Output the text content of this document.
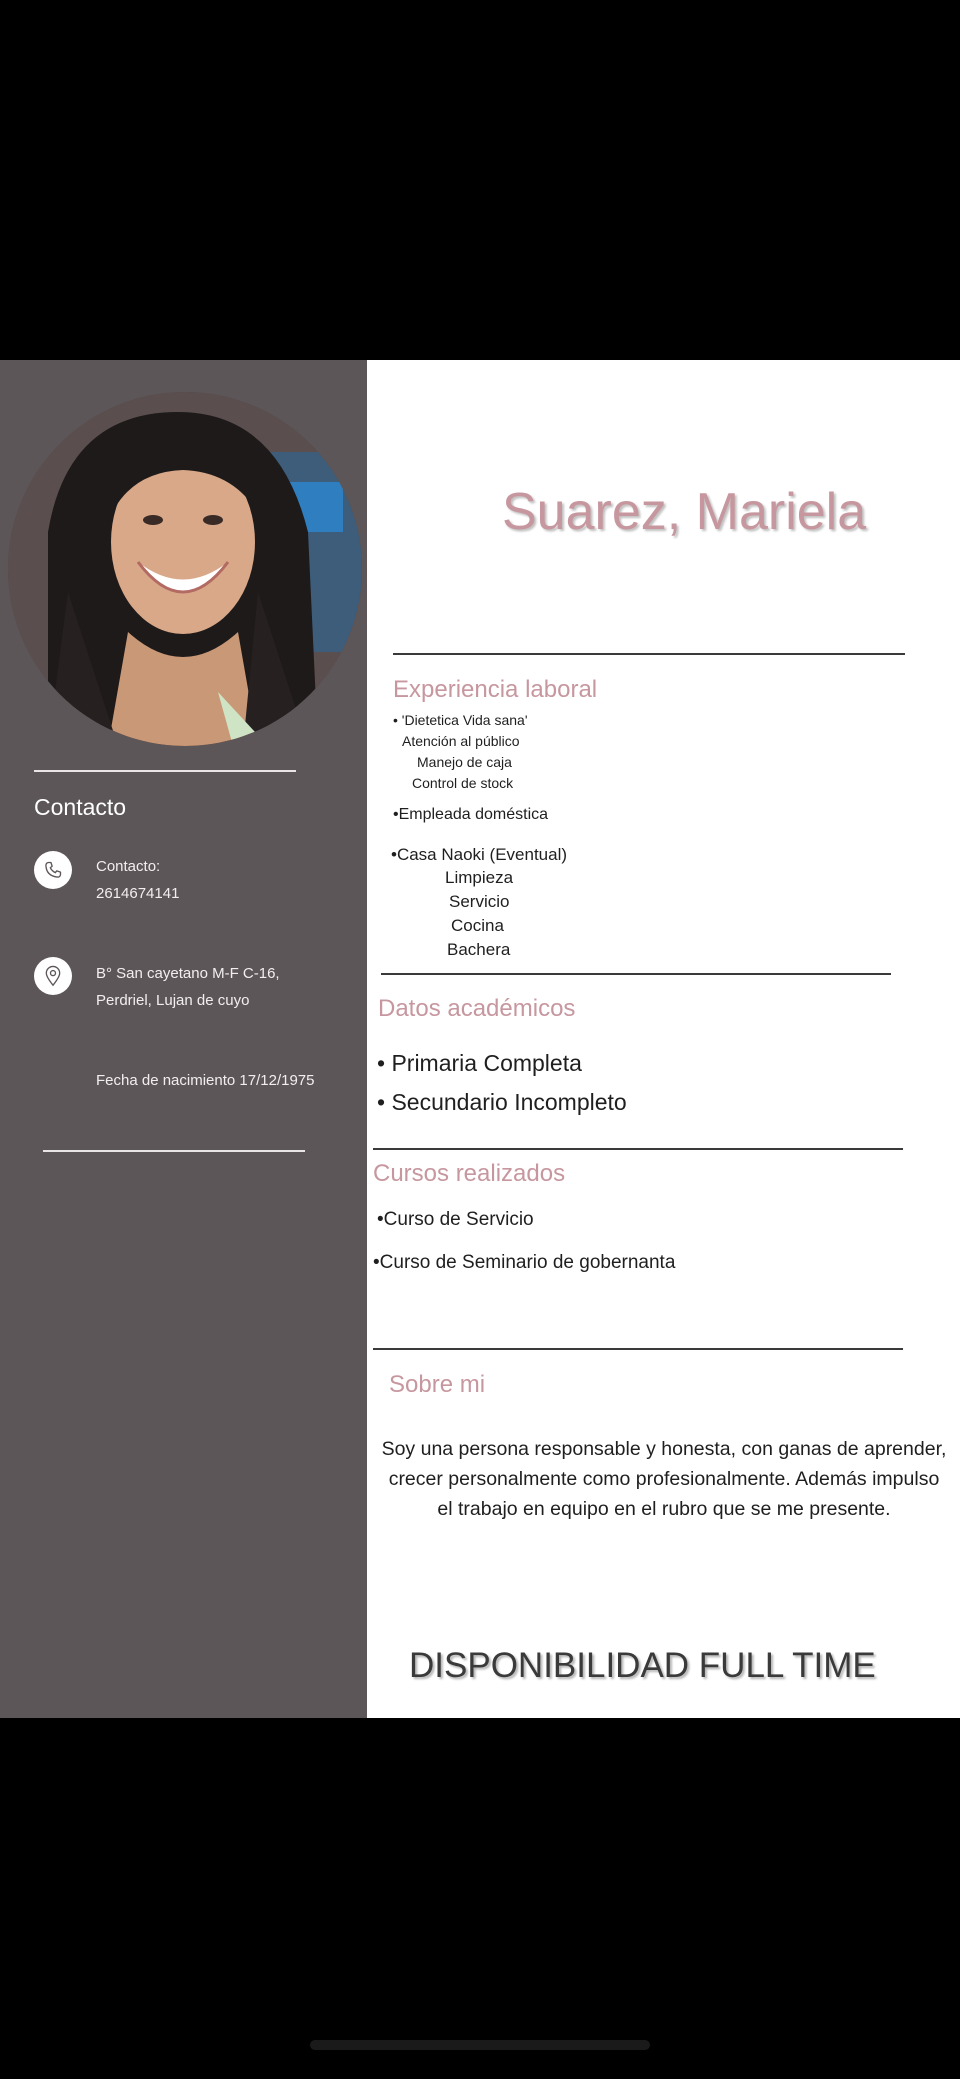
Contacto
Contacto:
2614674141
B° San cayetano M-F C-16,
Perdriel, Lujan de cuyo
Fecha de nacimiento 17/12/1975
Suarez, Mariela
Experiencia laboral
• 'Dietetica Vida sana'
Atención al público
Manejo de caja
Control de stock
•Empleada doméstica
•Casa Naoki (Eventual)
Limpieza
Servicio
Cocina
Bachera
Datos académicos
• Primaria Completa
• Secundario Incompleto
Cursos realizados
•Curso de Servicio
•Curso de Seminario de gobernanta
Sobre mi
Soy una persona responsable y honesta, con ganas de aprender, crecer personalmente como profesionalmente. Además impulso el trabajo en equipo en el rubro que se me presente.
DISPONIBILIDAD FULL TIME
